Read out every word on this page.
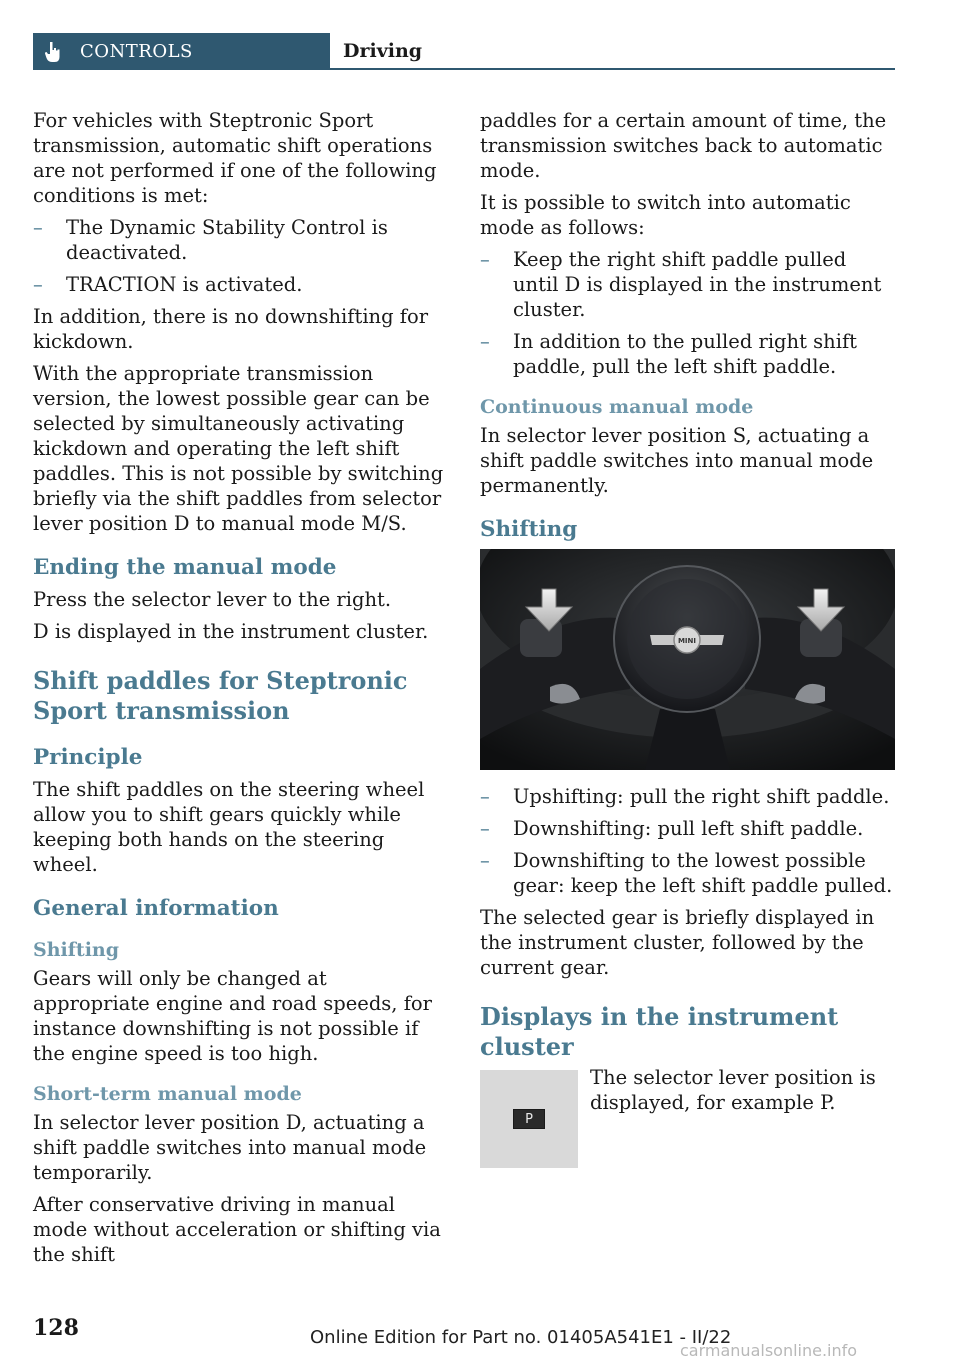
CONTROLS	Driving

For vehicles with Steptronic Sport transmission, automatic shift operations are not performed if one of the following conditions is met:

– The Dynamic Stability Control is deactivated.
– TRACTION is activated.

In addition, there is no downshifting for kickdown.

With the appropriate transmission version, the lowest possible gear can be selected by simultaneously activating kickdown and operating the left shift paddles. This is not possible by switching briefly via the shift paddles from selector lever position D to manual mode M/S.

Ending the manual mode

Press the selector lever to the right.

D is displayed in the instrument cluster.

Shift paddles for Steptronic Sport transmission
Principle

The shift paddles on the steering wheel allow you to shift gears quickly while keeping both hands on the steering wheel.

General information
Shifting

Gears will only be changed at appropriate engine and road speeds, for instance downshifting is not possible if the engine speed is too high.

Short-term manual mode

In selector lever position D, actuating a shift paddle switches into manual mode temporarily.

After conservative driving in manual mode without acceleration or shifting via the shift

paddles for a certain amount of time, the transmission switches back to automatic mode.

It is possible to switch into automatic mode as follows:

– Keep the right shift paddle pulled until D is displayed in the instrument cluster.
– In addition to the pulled right shift paddle, pull the left shift paddle.
Continuous manual mode

In selector lever position S, actuating a shift paddle switches into manual mode permanently.

Shifting
MINI
– Upshifting: pull the right shift paddle.
– Downshifting: pull left shift paddle.
– Downshifting to the lowest possible gear: keep the left shift paddle pulled.

The selected gear is briefly displayed in the instrument cluster, followed by the current gear.

Displays in the instrument cluster
P

The selector lever position is displayed, for example P.

128	Online Edition for Part no. 01405A541E1 - II/22
carmanualsonline.info
